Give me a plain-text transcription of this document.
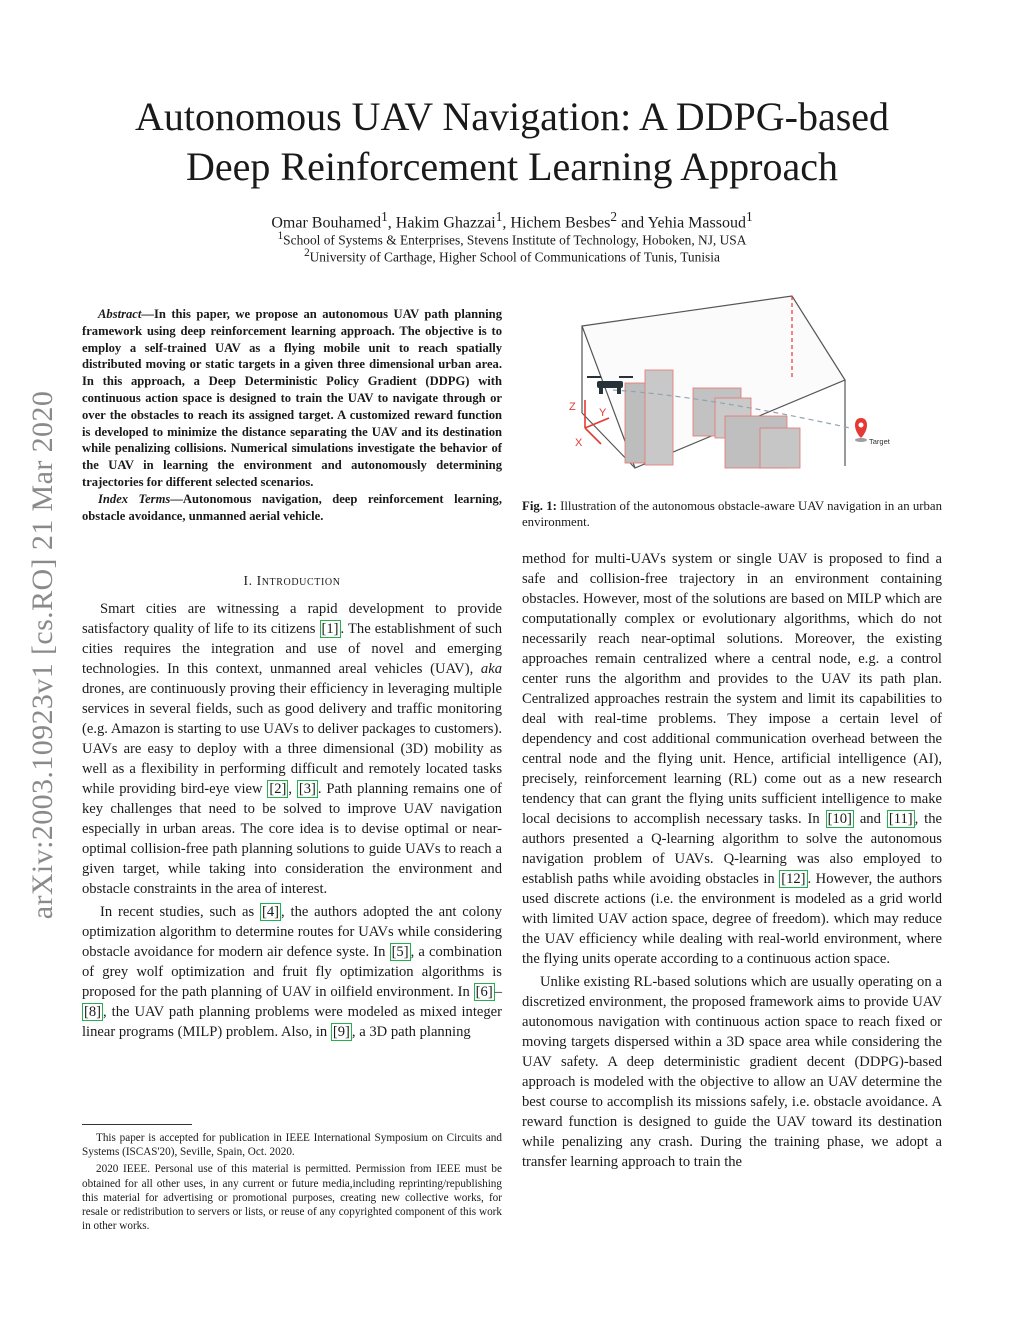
Autonomous UAV Navigation: A DDPG-based
Deep Reinforcement Learning Approach
Omar Bouhamed$^1$, Hakim Ghazzai$^1$, Hichem Besbes$^2$ and Yehia Massoud$^1$
$^1$School of Systems & Enterprises, Stevens Institute of Technology, Hoboken, NJ, USA
$^2$University of Carthage, Higher School of Communications of Tunis, Tunisia
arXiv:2003.10923v1 [cs.RO] 21 Mar 2020

Abstract—In this paper, we propose an autonomous UAV path planning framework using deep reinforcement learning approach. The objective is to employ a self-trained UAV as a flying mobile unit to reach spatially distributed moving or static targets in a given three dimensional urban area. In this approach, a Deep Deterministic Policy Gradient (DDPG) with continuous action space is designed to train the UAV to navigate through or over the obstacles to reach its assigned target. A customized reward function is developed to minimize the distance separating the UAV and its destination while penalizing collisions. Numerical simulations investigate the behavior of the UAV in learning the environment and autonomously determining trajectories for different selected scenarios.

Index Terms—Autonomous navigation, deep reinforcement learning, obstacle avoidance, unmanned aerial vehicle.

I. Introduction

Smart cities are witnessing a rapid development to provide satisfactory quality of life to its citizens [1] . The establishment of such cities requires the integration and use of novel and emerging technologies. In this context, unmanned areal vehicles (UAV), aka drones, are continuously proving their efficiency in leveraging multiple services in several fields, such as good delivery and traffic monitoring (e.g. Amazon is starting to use UAVs to deliver packages to customers). UAVs are easy to deploy with a three dimensional (3D) mobility as well as a flexibility in performing difficult and remotely located tasks while providing bird-eye view [2] , [3] . Path planning remains one of key challenges that need to be solved to improve UAV navigation especially in urban areas. The core idea is to devise optimal or near-optimal collision-free path planning solutions to guide UAVs to reach a given target, while taking into consideration the environment and obstacle constraints in the area of interest.

In recent studies, such as [4] , the authors adopted the ant colony optimization algorithm to determine routes for UAVs while considering obstacle avoidance for modern air defence syste. In [5] , a combination of grey wolf optimization and fruit fly optimization algorithms is proposed for the path planning of UAV in oilfield environment. In [6] –[8] , the UAV path planning problems were modeled as mixed integer linear programs (MILP) problem. Also, in [9] , a 3D path planning

This paper is accepted for publication in IEEE International Symposium on Circuits and Systems (ISCAS'20), Seville, Spain, Oct. 2020.

2020 IEEE. Personal use of this material is permitted. Permission from IEEE must be obtained for all other uses, in any current or future media,including reprinting/republishing this material for advertising or promotional purposes, creating new collective works, for resale or redistribution to servers or lists, or reuse of any copyrighted component of this work in other works.

Z Y
X	Target
Fig. 1: Illustration of the autonomous obstacle-aware UAV navigation in an urban environment.

method for multi-UAVs system or single UAV is proposed to find a safe and collision-free trajectory in an environment containing obstacles. However, most of the solutions are based on MILP which are computationally complex or evolutionary algorithms, which do not necessarily reach near-optimal solutions. Moreover, the existing approaches remain centralized where a central node, e.g. a control center runs the algorithm and provides to the UAV its path plan. Centralized approaches restrain the system and limit its capabilities to deal with real-time problems. They impose a certain level of dependency and cost additional communication overhead between the central node and the flying unit. Hence, artificial intelligence (AI), precisely, reinforcement learning (RL) come out as a new research tendency that can grant the flying units sufficient intelligence to make local decisions to accomplish necessary tasks. In [10] and [11] , the authors presented a Q-learning algorithm to solve the autonomous navigation problem of UAVs. Q-learning was also employed to establish paths while avoiding obstacles in [12] . However, the authors used discrete actions (i.e. the environment is modeled as a grid world with limited UAV action space, degree of freedom). which may reduce the UAV efficiency while dealing with real-world environment, where the flying units operate according to a continuous action space.

Unlike existing RL-based solutions which are usually operating on a discretized environment, the proposed framework aims to provide UAV autonomous navigation with continuous action space to reach fixed or moving targets dispersed within a 3D space area while considering the UAV safety. A deep deterministic gradient decent (DDPG)-based approach is modeled with the objective to allow an UAV determine the best course to accomplish its missions safely, i.e. obstacle avoidance. A reward function is designed to guide the UAV toward its destination while penalizing any crash. During the training phase, we adopt a transfer learning approach to train the
